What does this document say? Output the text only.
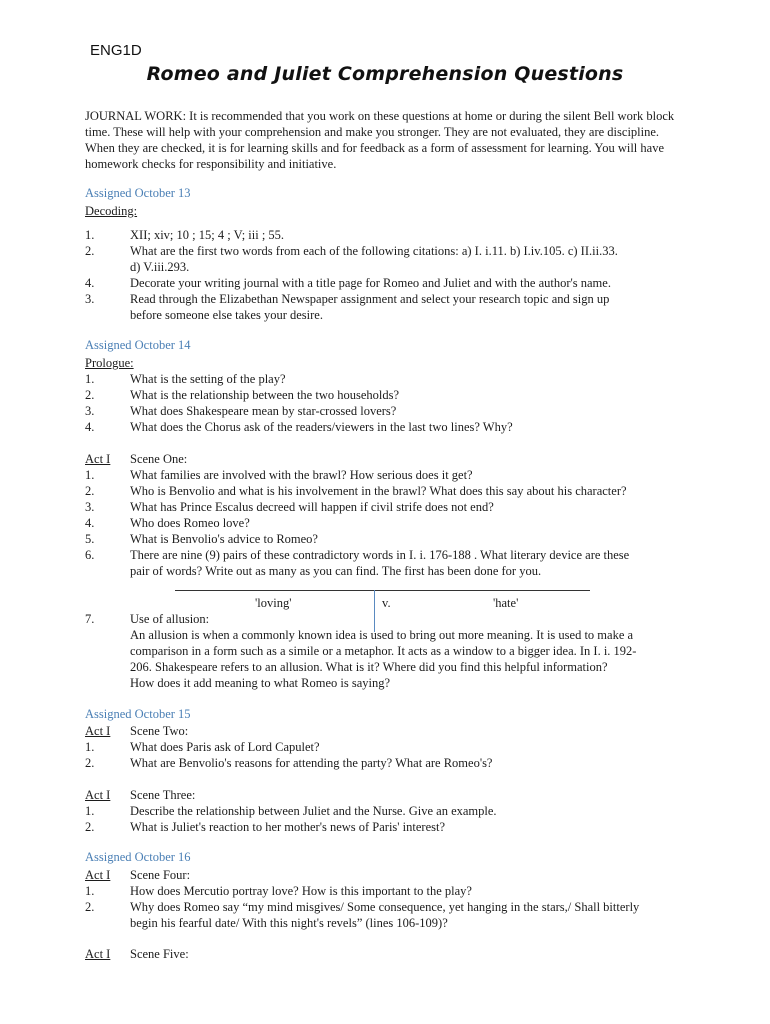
ENG1D
Romeo and Juliet Comprehension Questions
JOURNAL WORK: It is recommended that you work on these questions at home or during the silent Bell work block time. These will help with your comprehension and make you stronger. They are not evaluated, they are discipline. When they are checked, it is for learning skills and for feedback as a form of assessment for learning. You will have homework checks for responsibility and initiative.
Assigned October 13
Decoding:
1.	XII; xiv; 10 ; 15; 4 ; V; iii ; 55.
2.	What are the first two words from each of the following citations: a) I. i.11. b) I.iv.105. c) II.ii.33.
d) V.iii.293.
4.	Decorate your writing journal with a title page for Romeo and Juliet and with the author's name.
3.	Read through the Elizabethan Newspaper assignment and select your research topic and sign up
before someone else takes your desire.
Assigned October 14
Prologue:
1.	What is the setting of the play?
2.	What is the relationship between the two households?
3.	What does Shakespeare mean by star-crossed lovers?
4.	What does the Chorus ask of the readers/viewers in the last two lines? Why?
Act I Scene One:
1.	What families are involved with the brawl? How serious does it get?
2.	Who is Benvolio and what is his involvement in the brawl? What does this say about his character?
3.	What has Prince Escalus decreed will happen if civil strife does not end?
4.	Who does Romeo love?
5.	What is Benvolio's advice to Romeo?
6.	There are nine (9) pairs of these contradictory words in I. i. 176-188 . What literary device are these
pair of words? Write out as many as you can find. The first has been done for you.
'loving'	v.	'hate'
7.	Use of allusion:
An allusion is when a commonly known idea is used to bring out more meaning. It is used to make a
comparison in a form such as a simile or a metaphor. It acts as a window to a bigger idea. In I. i. 192-
206. Shakespeare refers to an allusion. What is it? Where did you find this helpful information?
How does it add meaning to what Romeo is saying?
Assigned October 15
Act I Scene Two:
1.	What does Paris ask of Lord Capulet?
2.	What are Benvolio's reasons for attending the party? What are Romeo's?
Act I Scene Three:
1.	Describe the relationship between Juliet and the Nurse. Give an example.
2.	What is Juliet's reaction to her mother's news of Paris' interest?
Assigned October 16
Act I Scene Four:
1.	How does Mercutio portray love? How is this important to the play?
2.	Why does Romeo say “my mind misgives/ Some consequence, yet hanging in the stars,/ Shall bitterly
begin his fearful date/ With this night's revels” (lines 106-109)?
Act I Scene Five:
